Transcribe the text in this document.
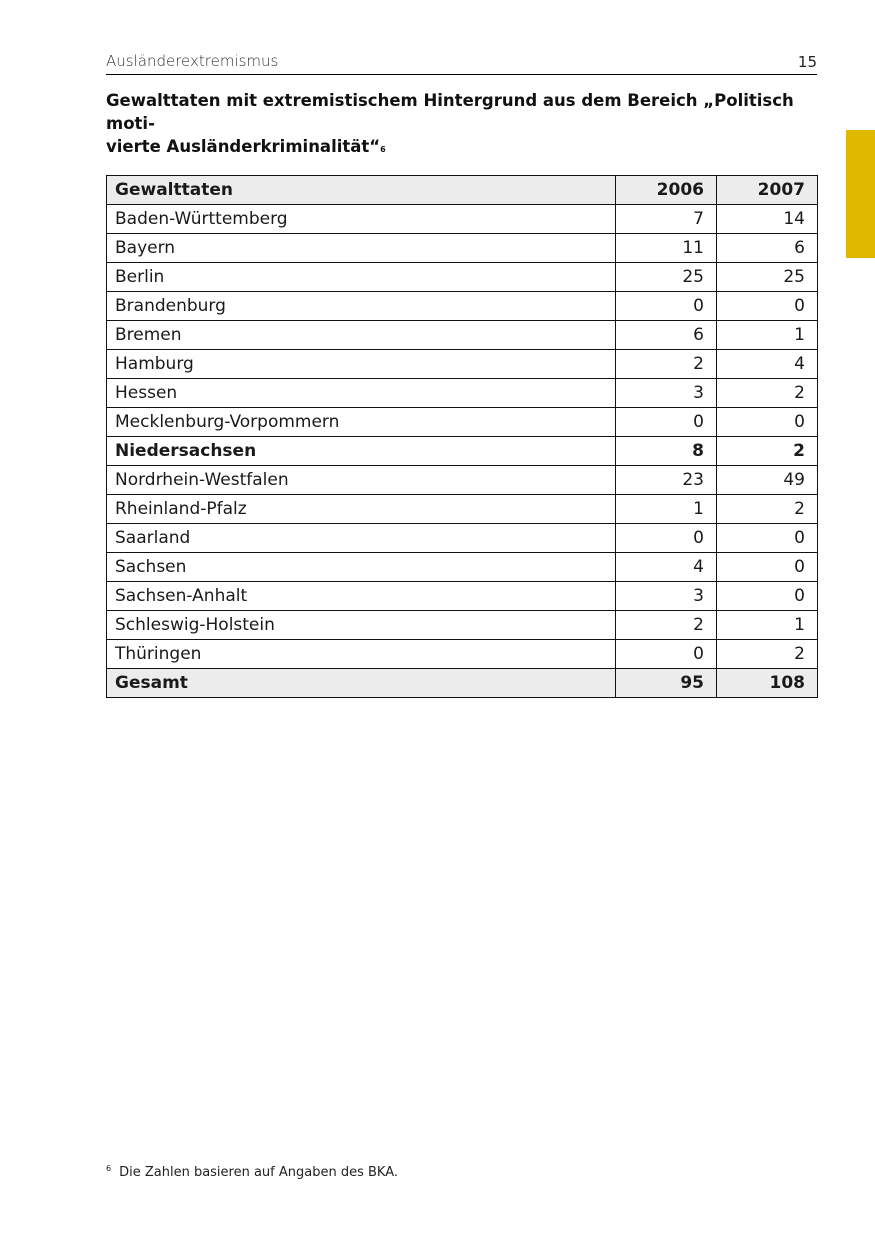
Ausländerextremismus	15
Gewalttaten mit extremistischem Hintergrund aus dem Bereich „Politisch moti-
vierte Ausländerkriminalität“$^6$
Gewalttaten	2006	2007
Baden-Württemberg	7	14
Bayern	11	6
Berlin	25	25
Brandenburg	0	0
Bremen	6	1
Hamburg	2	4
Hessen	3	2
Mecklenburg-Vorpommern	0	0
Niedersachsen	8	2
Nordrhein-Westfalen	23	49
Rheinland-Pfalz	1	2
Saarland	0	0
Sachsen	4	0
Sachsen-Anhalt	3	0
Schleswig-Holstein	2	1
Thüringen	0	2
Gesamt	95	108
$^6$ Die Zahlen basieren auf Angaben des BKA.
